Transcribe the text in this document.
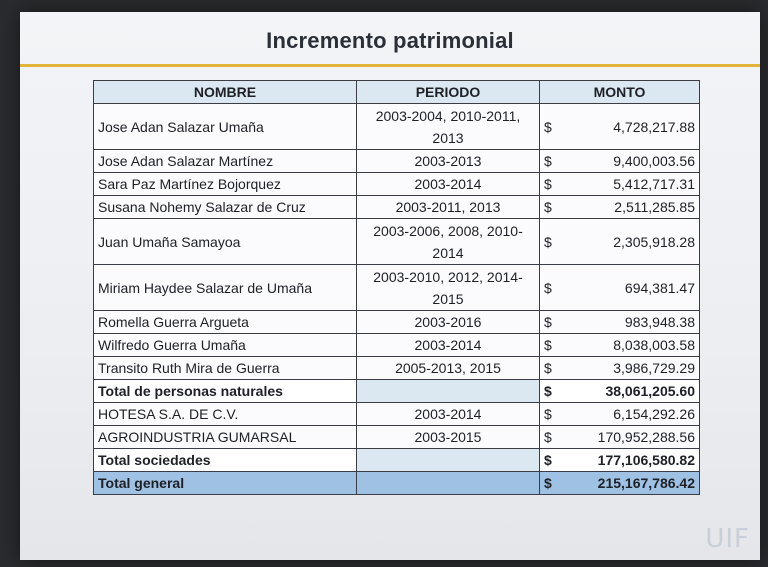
Incremento patrimonial
NOMBRE	PERIODO	MONTO
Jose Adan Salazar Umaña	2003-2004, 2010-2011, 2013	$ 4,728,217.88

Jose Adan Salazar Martínez	2003-2013	$ 9,400,003.56

Sara Paz Martínez Bojorquez	2003-2014	$ 5,412,717.31

Susana Nohemy Salazar de Cruz	2003-2011, 2013	$ 2,511,285.85

Juan Umaña Samayoa	2003-2006, 2008, 2010-2014	$ 2,305,918.28

Miriam Haydee Salazar de Umaña	2003-2010, 2012, 2014-2015	$ 694,381.47

Romella Guerra Argueta	2003-2016	$ 983,948.38

Wilfredo Guerra Umaña	2003-2014	$ 8,038,003.58

Transito Ruth Mira de Guerra	2005-2013, 2015	$ 3,986,729.29

Total de personas naturales		$ 38,061,205.60

HOTESA S.A. DE C.V.	2003-2014	$ 6,154,292.26

AGROINDUSTRIA GUMARSAL	2003-2015	$ 170,952,288.56

Total sociedades		$ 177,106,580.82

Total general		$ 215,167,786.42
UIF
